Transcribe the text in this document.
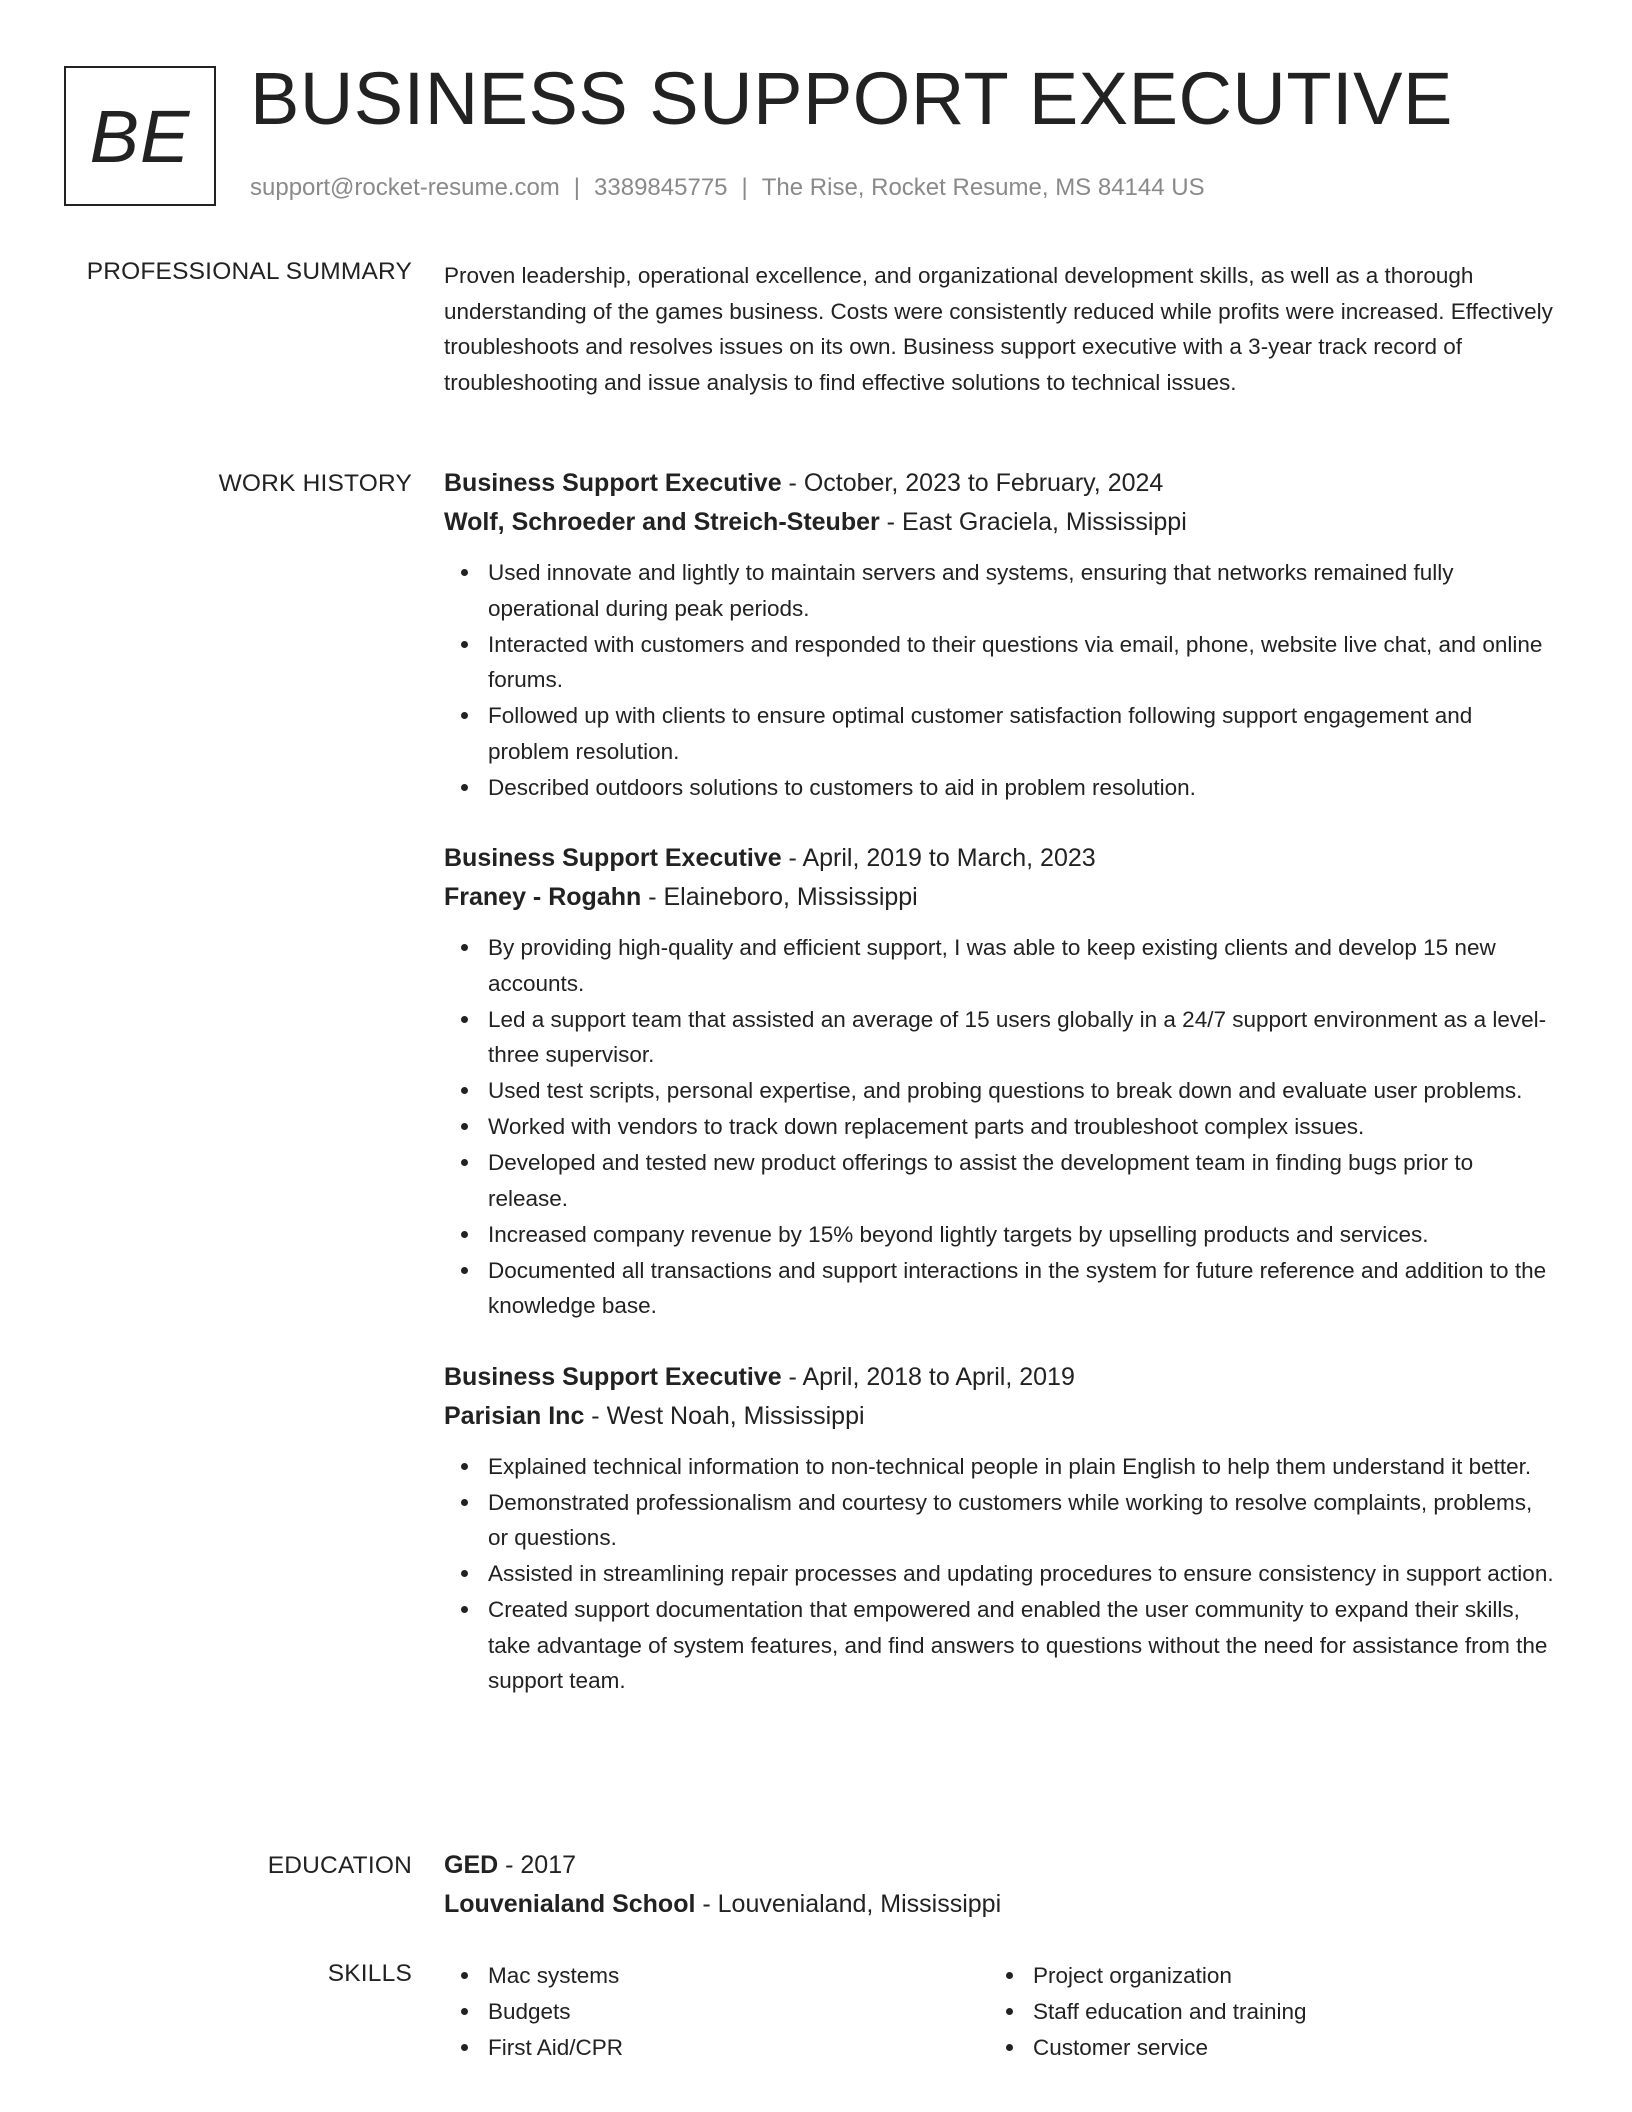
BE BUSINESS SUPPORT EXECUTIVE
support@rocket-resume.com | 3389845775 | The Rise, Rocket Resume, MS 84144 US
PROFESSIONAL SUMMARY Proven leadership, operational excellence, and organizational development skills, as well as a thorough understanding of the games business. Costs were consistently reduced while profits were increased. Effectively troubleshoots and resolves issues on its own. Business support executive with a 3-year track record of troubleshooting and issue analysis to find effective solutions to technical issues.

WORK HISTORY Business Support Executive - October, 2023 to February, 2024
Wolf, Schroeder and Streich-Steuber - East Graciela, Mississippi
Used innovate and lightly to maintain servers and systems, ensuring that networks remained fully operational during peak periods.
Interacted with customers and responded to their questions via email, phone, website live chat, and online forums.
Followed up with clients to ensure optimal customer satisfaction following support engagement and problem resolution.
Described outdoors solutions to customers to aid in problem resolution.
Business Support Executive - April, 2019 to March, 2023
Franey - Rogahn - Elaineboro, Mississippi
By providing high-quality and efficient support, I was able to keep existing clients and develop 15 new accounts.
Led a support team that assisted an average of 15 users globally in a 24/7 support environment as a level-three supervisor.
Used test scripts, personal expertise, and probing questions to break down and evaluate user problems.
Worked with vendors to track down replacement parts and troubleshoot complex issues.
Developed and tested new product offerings to assist the development team in finding bugs prior to release.
Increased company revenue by 15% beyond lightly targets by upselling products and services.
Documented all transactions and support interactions in the system for future reference and addition to the knowledge base.
Business Support Executive - April, 2018 to April, 2019
Parisian Inc - West Noah, Mississippi
Explained technical information to non-technical people in plain English to help them understand it better.
Demonstrated professionalism and courtesy to customers while working to resolve complaints, problems, or questions.
Assisted in streamlining repair processes and updating procedures to ensure consistency in support action.
Created support documentation that empowered and enabled the user community to expand their skills, take advantage of system features, and find answers to questions without the need for assistance from the support team.
EDUCATION GED - 2017
Louvenialand School - Louvenialand, Mississippi
SKILLS	Mac systems
Budgets
First Aid/CPR
Project organization
Staff education and training
Customer service
